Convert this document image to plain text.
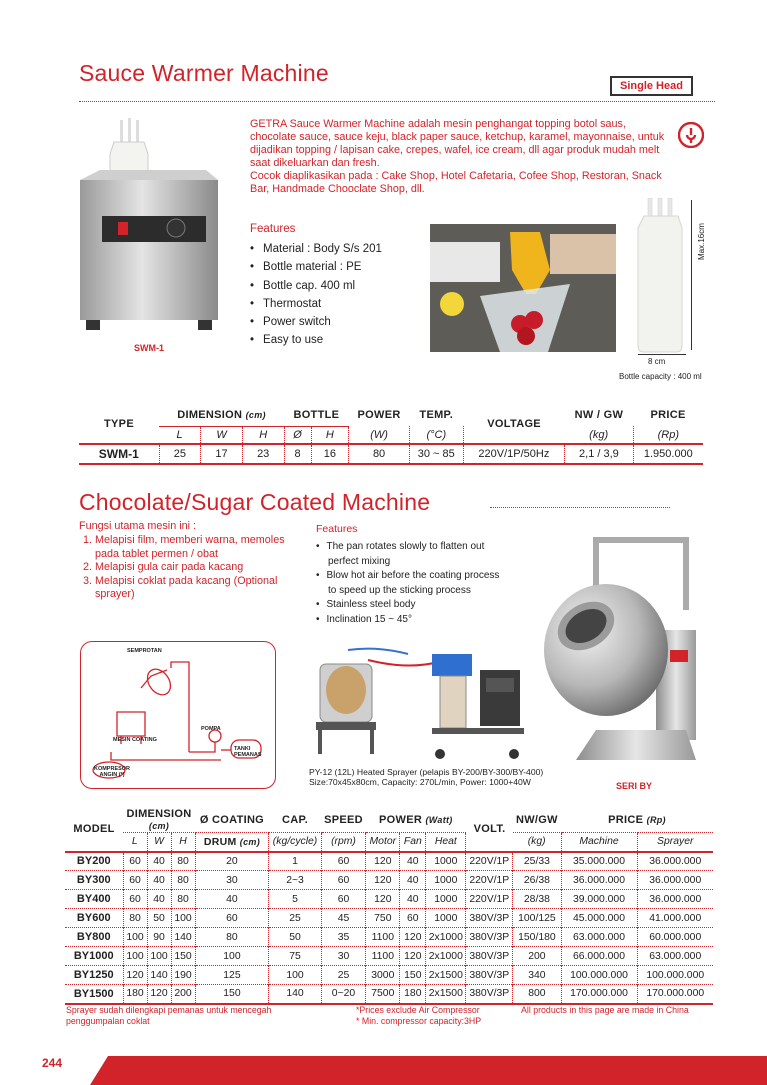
Sauce Warmer Machine	Single Head
SWM-1
GETRA Sauce Warmer Machine adalah mesin penghangat topping botol saus, chocolate sauce, sauce keju, black paper sauce, ketchup, karamel, mayonnaise, untuk dijadikan topping / lapisan cake, crepes, wafel, ice cream, dll agar produk mudah melt saat dikeluarkan dan fresh.
Cocok diaplikasikan pada : Cake Shop, Hotel Cafetaria, Cofee Shop, Restoran, Snack Bar, Handmade Chooclate Shop, dll.
Features
• Material : Body S/s 201
• Bottle material : PE
• Bottle cap. 400 ml
• Thermostat
• Power switch
• Easy to use
Max.16cm
8 cm
Bottle capacity : 400 ml
TYPE	DIMENSION (cm)			BOTTLE		POWER	TEMP.	VOLTAGE	NW / GW	PRICE
	L	W	H	Ø	H	(W)	(°C)		(kg)	(Rp)
SWM-1	25	17	23	8	16	80	30 ~ 85	220V/1P/50Hz	2,1 / 3,9	1.950.000
Chocolate/Sugar Coated Machine
Fungsi utama mesin ini :
1. Melapisi film, memberi warna, memoles pada tablet permen / obat
2. Melapisi gula cair pada kacang
3. Melapisi coklat pada kacang (Optional sprayer)
Features
• The pan rotates slowly to flatten out perfect mixing
• Blow hot air before the coating process to speed up the sticking process
• Stainless steel body
• Inclination 15 ~ 45°
SEMPROTAN
POMPA
MESIN COATING
TANKI PEMANAS
KOMPRESOR ANGIN (*)	PY-12 (12L) Heated Sprayer (pelapis BY-200/BY-300/BY-400)
Size:70x45x80cm, Capacity: 270L/min, Power: 1000+40W	SERI BY
MODEL	DIMENSION (cm)			Ø COATING	CAP.	SPEED	POWER (Watt)			VOLT.	NW/GW	PRICE (Rp)	
	L	W	H	DRUM (cm)	(kg/cycle)	(rpm)	Motor	Fan	Heat		(kg)	Machine	Sprayer
BY200	60	40	80	20	1	60	120	40	1000	220V/1P	25/33	35.000.000	36.000.000
BY300	60	40	80	30	2~3	60	120	40	1000	220V/1P	26/38	36.000.000	36.000.000
BY400	60	40	80	40	5	60	120	40	1000	220V/1P	28/38	39.000.000	36.000.000
BY600	80	50	100	60	25	45	750	60	1000	380V/3P	100/125	45.000.000	41.000.000
BY800	100	90	140	80	50	35	1100	120	2x1000	380V/3P	150/180	63.000.000	60.000.000
BY1000	100	100	150	100	75	30	1100	120	2x1000	380V/3P	200	66.000.000	63.000.000
BY1250	120	140	190	125	100	25	3000	150	2x1500	380V/3P	340	100.000.000	100.000.000
BY1500	180	120	200	150	140	0~20	7500	180	2x1500	380V/3P	800	170.000.000	170.000.000
Sprayer sudah dilengkapi pemanas untuk mencegah penggumpalan coklat
*Prices exclude Air Compressor
* Min. compressor capacity:3HP
All products in this page are made in China
244
